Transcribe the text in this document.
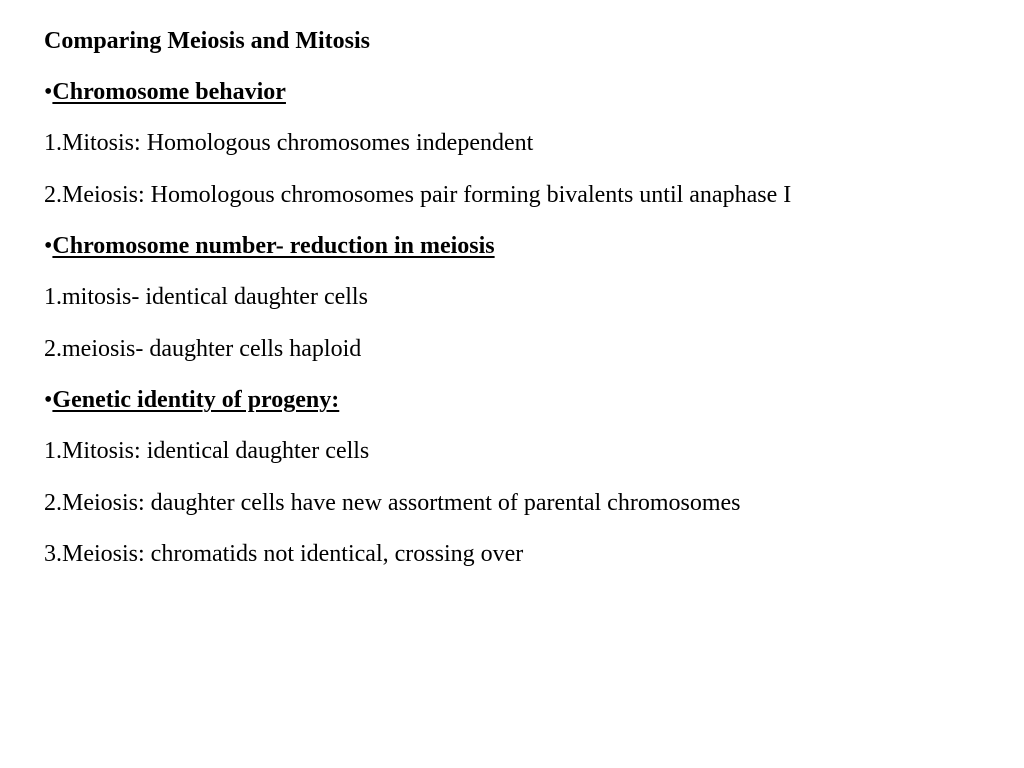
Comparing Meiosis and Mitosis
•Chromosome behavior
1.Mitosis: Homologous chromosomes independent
2.Meiosis: Homologous chromosomes pair forming bivalents until anaphase I
•Chromosome number- reduction in meiosis
1.mitosis- identical daughter cells
2.meiosis- daughter cells haploid
•Genetic identity of progeny:
1.Mitosis: identical daughter cells
2.Meiosis: daughter cells have new assortment of parental chromosomes
3.Meiosis: chromatids not identical, crossing over
